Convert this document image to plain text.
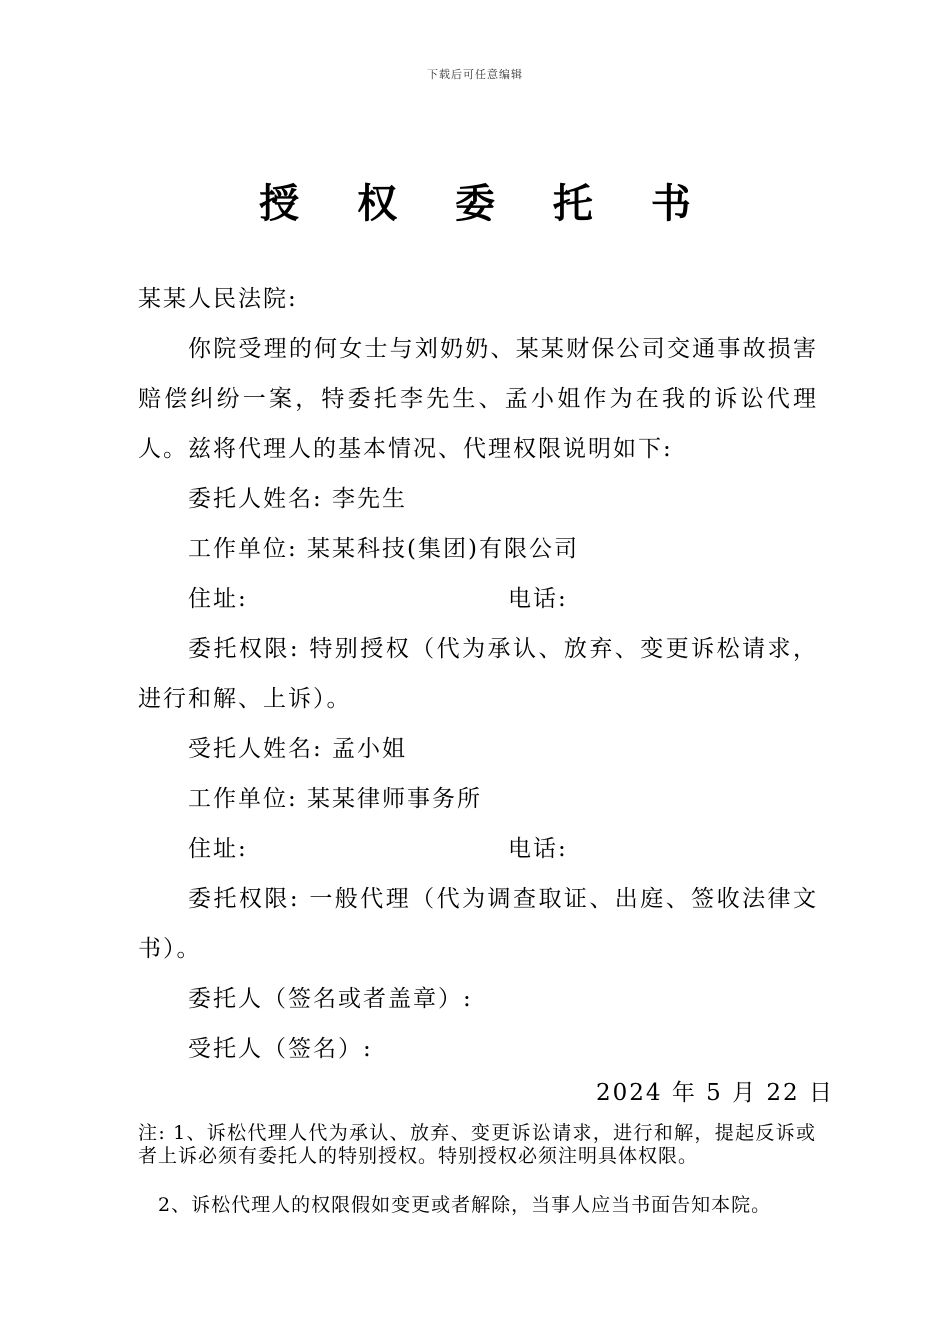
下载后可任意编辑
授 权 委 托 书
某某人民法院:
你院受理的何女士与刘奶奶、某某财保公司交通事故损害赔偿纠纷一案，特委托李先生、孟小姐作为在我的诉讼代理人。兹将代理人的基本情况、代理权限说明如下:
委托人姓名: 李先生
工作单位: 某某科技(集团)有限公司
住址:	电话:
委托权限: 特别授权（代为承认、放弃、变更诉松请求，进行和解、上诉）。
受托人姓名: 孟小姐
工作单位: 某某律师事务所
住址:	电话:
委托权限: 一般代理（代为调查取证、出庭、签收法律文书）。
委托人（签名或者盖章）:
受托人（签名）:
2024 年 5 月 22 日
注: 1、诉松代理人代为承认、放弃、变更诉讼请求，进行和解，提起反诉或者上诉必须有委托人的特别授权。特别授权必须注明具体权限。
2、诉松代理人的权限假如变更或者解除，当事人应当书面告知本院。
